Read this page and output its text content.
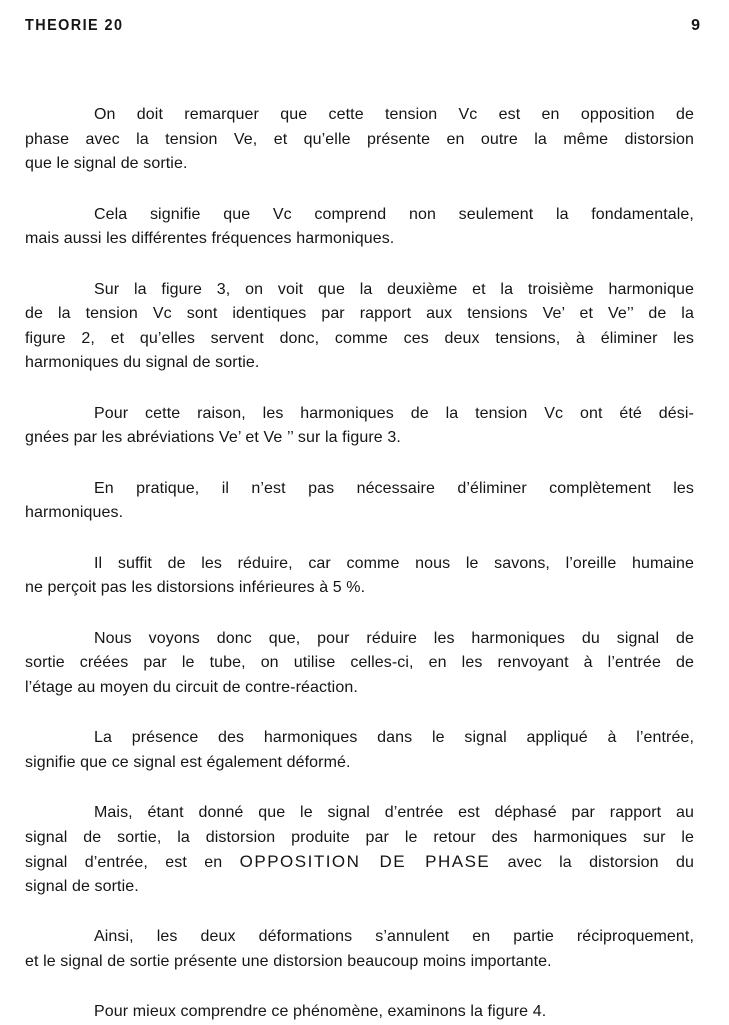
THEORIE 20	9
On doit remarquer que cette tension Vc est en opposition de
phase avec la tension Ve, et qu’elle présente en outre la même distorsion
que le signal de sortie.
Cela signifie que Vc comprend non seulement la fondamentale,
mais aussi les différentes fréquences harmoniques.
Sur la figure 3, on voit que la deuxième et la troisième harmonique
de la tension Vc sont identiques par rapport aux tensions Ve’ et Ve’’ de la
figure 2, et qu’elles servent donc, comme ces deux tensions, à éliminer les
harmoniques du signal de sortie.
Pour cette raison, les harmoniques de la tension Vc ont été dési-
gnées par les abréviations Ve’ et Ve ’’ sur la figure 3.
En pratique, il n’est pas nécessaire d’éliminer complètement les
harmoniques.
Il suffit de les réduire, car comme nous le savons, l’oreille humaine
ne perçoit pas les distorsions inférieures à 5 %.
Nous voyons donc que, pour réduire les harmoniques du signal de
sortie créées par le tube, on utilise celles-ci, en les renvoyant à l’entrée de
l’étage au moyen du circuit de contre-réaction.
La présence des harmoniques dans le signal appliqué à l’entrée,
signifie que ce signal est également déformé.
Mais, étant donné que le signal d’entrée est déphasé par rapport au
signal de sortie, la distorsion produite par le retour des harmoniques sur le
signal d’entrée, est en OPPOSITION DE PHASE avec la distorsion du
signal de sortie.
Ainsi, les deux déformations s’annulent en partie réciproquement,
et le signal de sortie présente une distorsion beaucoup moins importante.
Pour mieux comprendre ce phénomène, examinons la figure 4.
